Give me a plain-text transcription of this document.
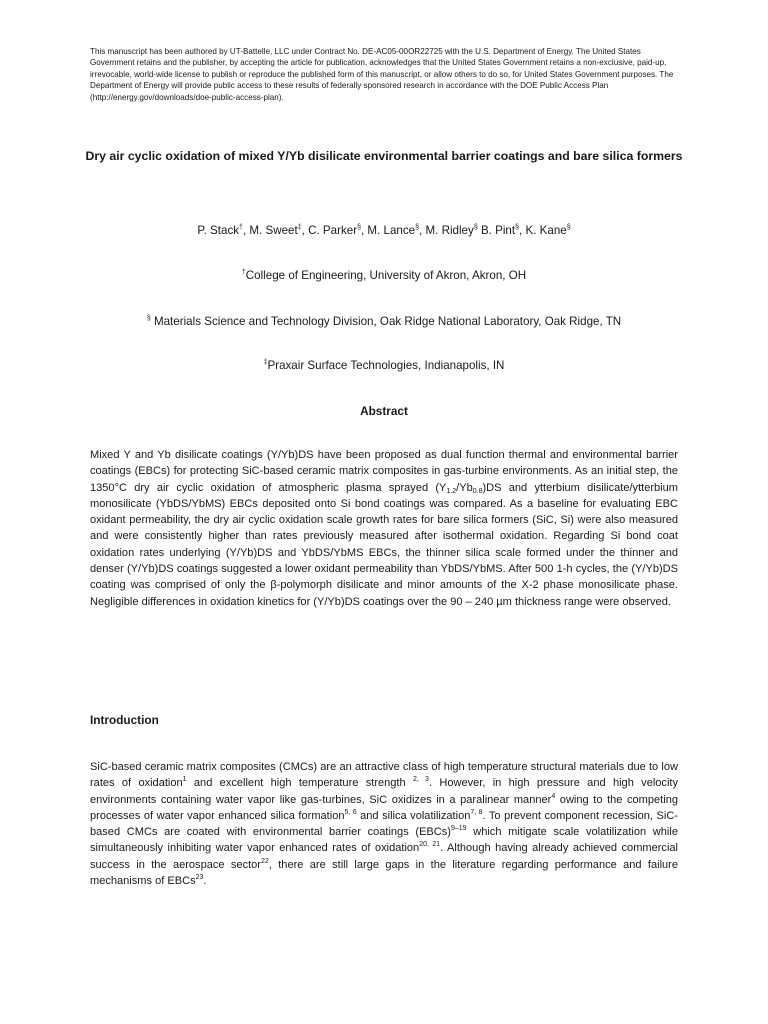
This manuscript has been authored by UT-Battelle, LLC under Contract No. DE-AC05-00OR22725 with the U.S. Department of Energy. The United States Government retains and the publisher, by accepting the article for publication, acknowledges that the United States Government retains a non-exclusive, paid-up, irrevocable, world-wide license to publish or reproduce the published form of this manuscript, or allow others to do so, for United States Government purposes. The Department of Energy will provide public access to these results of federally sponsored research in accordance with the DOE Public Access Plan (http://energy.gov/downloads/doe-public-access-plan).

Dry air cyclic oxidation of mixed Y/Yb disilicate environmental barrier coatings and bare silica formers
P. Stack†, M. Sweet‡, C. Parker§, M. Lance§, M. Ridley§ B. Pint§, K. Kane§
†College of Engineering, University of Akron, Akron, OH
§ Materials Science and Technology Division, Oak Ridge National Laboratory, Oak Ridge, TN
‡Praxair Surface Technologies, Indianapolis, IN
Abstract
Mixed Y and Yb disilicate coatings (Y/Yb)DS have been proposed as dual function thermal and environmental barrier coatings (EBCs) for protecting SiC-based ceramic matrix composites in gas-turbine environments. As an initial step, the 1350°C dry air cyclic oxidation of atmospheric plasma sprayed $(Y_{1.2}/Yb_{0.8})DS$ and ytterbium disilicate/ytterbium monosilicate (YbDS/YbMS) EBCs deposited onto Si bond coatings was compared. As a baseline for evaluating EBC oxidant permeability, the dry air cyclic oxidation scale growth rates for bare silica formers (SiC, Si) were also measured and were consistently higher than rates previously measured after isothermal oxidation. Regarding Si bond coat oxidation rates underlying (Y/Yb)DS and YbDS/YbMS EBCs, the thinner silica scale formed under the thinner and denser (Y/Yb)DS coatings suggested a lower oxidant permeability than YbDS/YbMS. After 500 1-h cycles, the (Y/Yb)DS coating was comprised of only the β-polymorph disilicate and minor amounts of the X-2 phase monosilicate phase. Negligible differences in oxidation kinetics for (Y/Yb)DS coatings over the 90 – 240 µm thickness range were observed.
Introduction
SiC-based ceramic matrix composites (CMCs) are an attractive class of high temperature structural materials due to low rates of oxidation$^1$ and excellent high temperature strength $^{2, 3}$. However, in high pressure and high velocity environments containing water vapor like gas-turbines, SiC oxidizes in a paralinear manner$^4$ owing to the competing processes of water vapor enhanced silica formation$^{5, 6}$ and silica volatilization$^{7, 8}$. To prevent component recession, SiC-based CMCs are coated with environmental barrier coatings (EBCs)$^{9-19}$ which mitigate scale volatilization while simultaneously inhibiting water vapor enhanced rates of oxidation$^{20, 21}$. Although having already achieved commercial success in the aerospace sector$^{22}$, there are still large gaps in the literature regarding performance and failure mechanisms of EBCs$^{23}$.
